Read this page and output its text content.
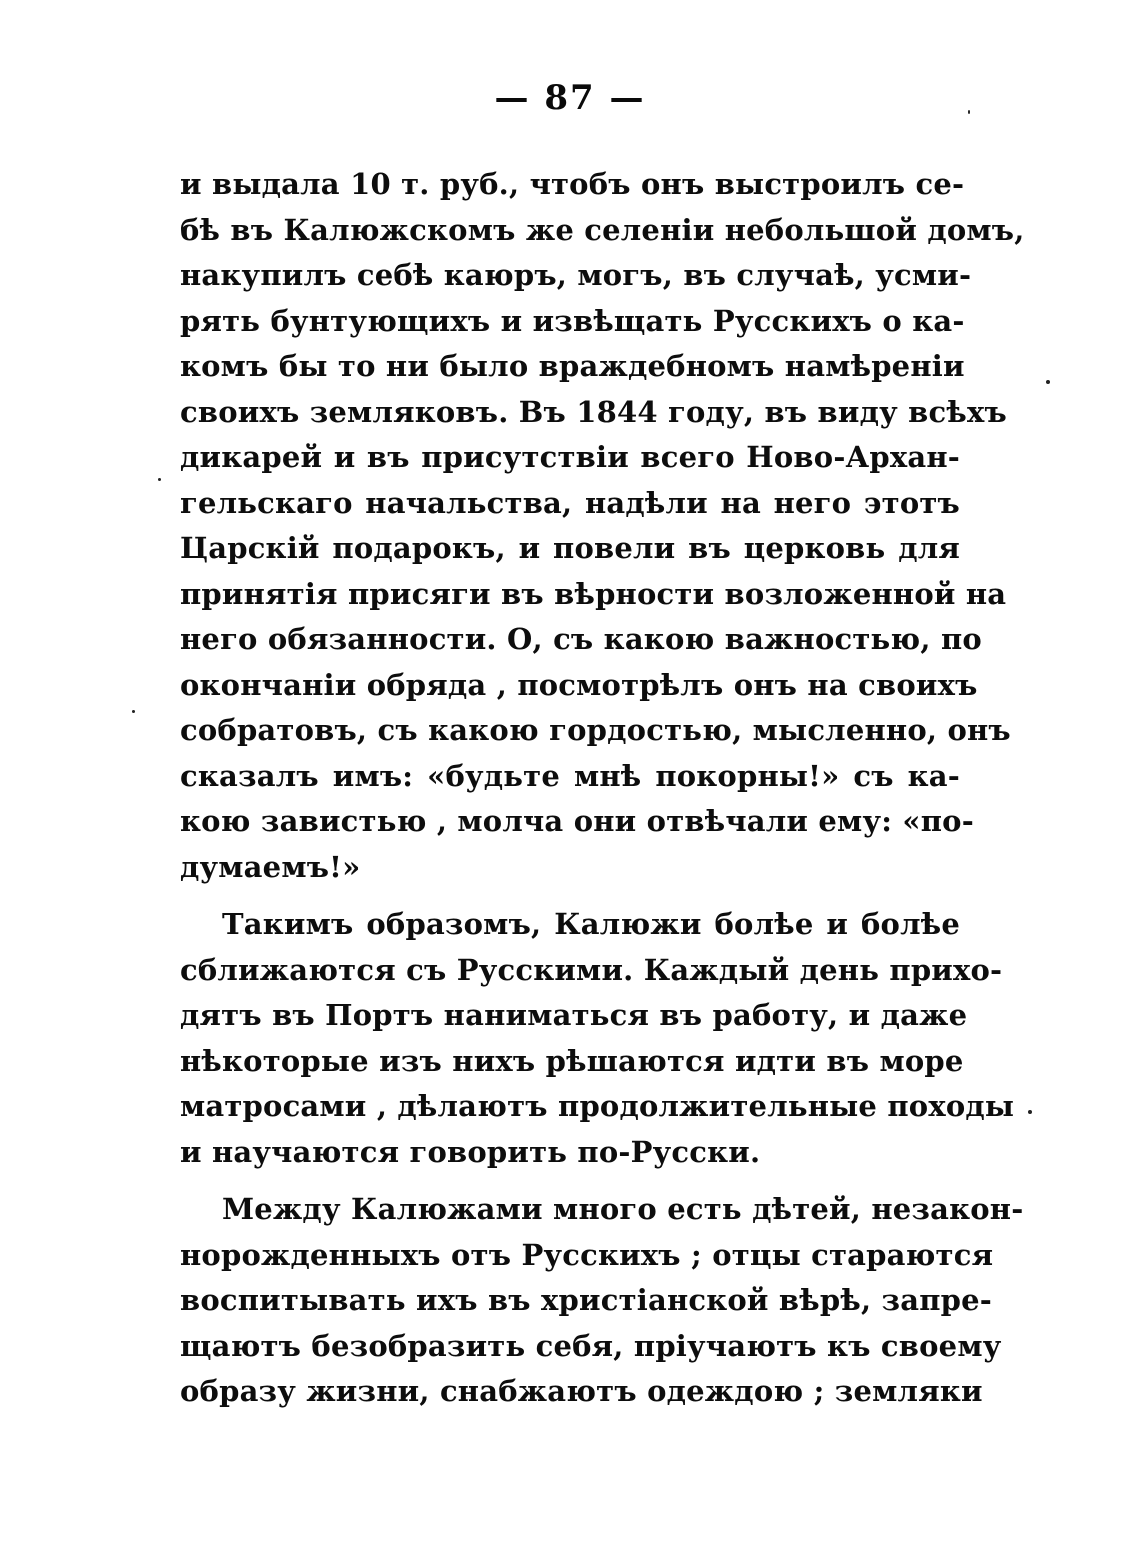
— 87 —
и выдала 10 т. руб., чтобъ онъ выстроилъ се-
бѣ въ Калюжскомъ же селеніи небольшой домъ,
накупилъ себѣ каюръ, могъ, въ случаѣ, усми-
рять бунтующихъ и извѣщать Русскихъ о ка-
комъ бы то ни было враждебномъ намѣреніи
своихъ земляковъ. Въ 1844 году, въ виду всѣхъ
дикарей и въ присутствіи всего Ново-Архан-
гельскаго начальства, надѣли на него этотъ
Царскій подарокъ, и повели въ церковь для
принятія присяги въ вѣрности возложенной на
него обязанности. О, съ какою важностью, по
окончаніи обряда , посмотрѣлъ онъ на своихъ
собратовъ, съ какою гордостью, мысленно, онъ
сказалъ имъ: «будьте мнѣ покорны!» съ ка-
кою завистью , молча они отвѣчали ему: «по-
думаемъ!»
Такимъ образомъ, Калюжи болѣе и болѣе
сближаются съ Русскими. Каждый день прихо-
дятъ въ Портъ наниматься въ работу, и даже
нѣкоторые изъ нихъ рѣшаются идти въ море
матросами , дѣлаютъ продолжительные походы
и научаются говорить по-Русски.
Между Калюжами много есть дѣтей, незакон-
норожденныхъ отъ Русскихъ ; отцы стараются
воспитывать ихъ въ христіанской вѣрѣ, запре-
щаютъ безобразить себя, пріучаютъ къ своему
образу жизни, снабжаютъ одеждою ; земляки
